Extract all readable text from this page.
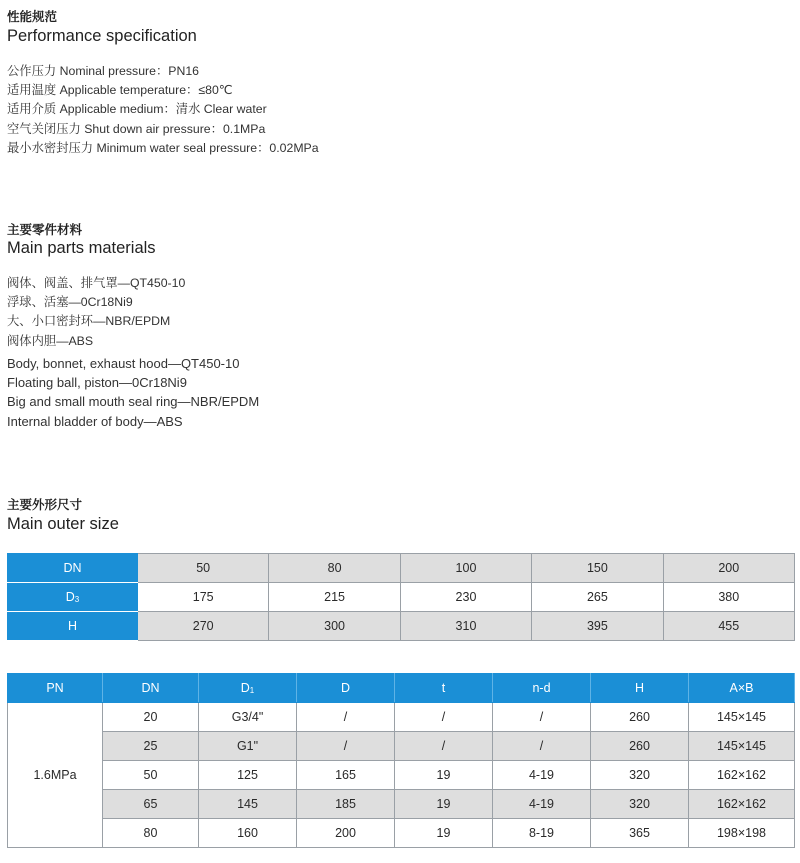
性能规范
Performance specification
公作压力 Nominal pressure：PN16
适用温度 Applicable temperature：≤80℃
适用介质 Applicable medium：清水 Clear water
空气关闭压力 Shut down air pressure：0.1MPa
最小水密封压力 Minimum water seal pressure：0.02MPa
主要零件材料
Main parts materials
阀体、阀盖、排气罩—QT450-10
浮球、活塞—0Cr18Ni9
大、小口密封环—NBR/EPDM
阀体内胆—ABS
Body, bonnet, exhaust hood—QT450-10
Floating ball, piston—0Cr18Ni9
Big and small mouth seal ring—NBR/EPDM
Internal bladder of body—ABS
主要外形尺寸
Main outer size
DN	50	80	100	150	200
$D_3$	175	215	230	265	380
H	270	300	310	395	455
PN	DN	$D_1$	D	t	n-d	H	A×B
1.6MPa	20	G3/4"	/	/	/	260	145×145
	25	G1"	/	/	/	260	145×145
	50	125	165	19	4-19	320	162×162
	65	145	185	19	4-19	320	162×162
	80	160	200	19	8-19	365	198×198
